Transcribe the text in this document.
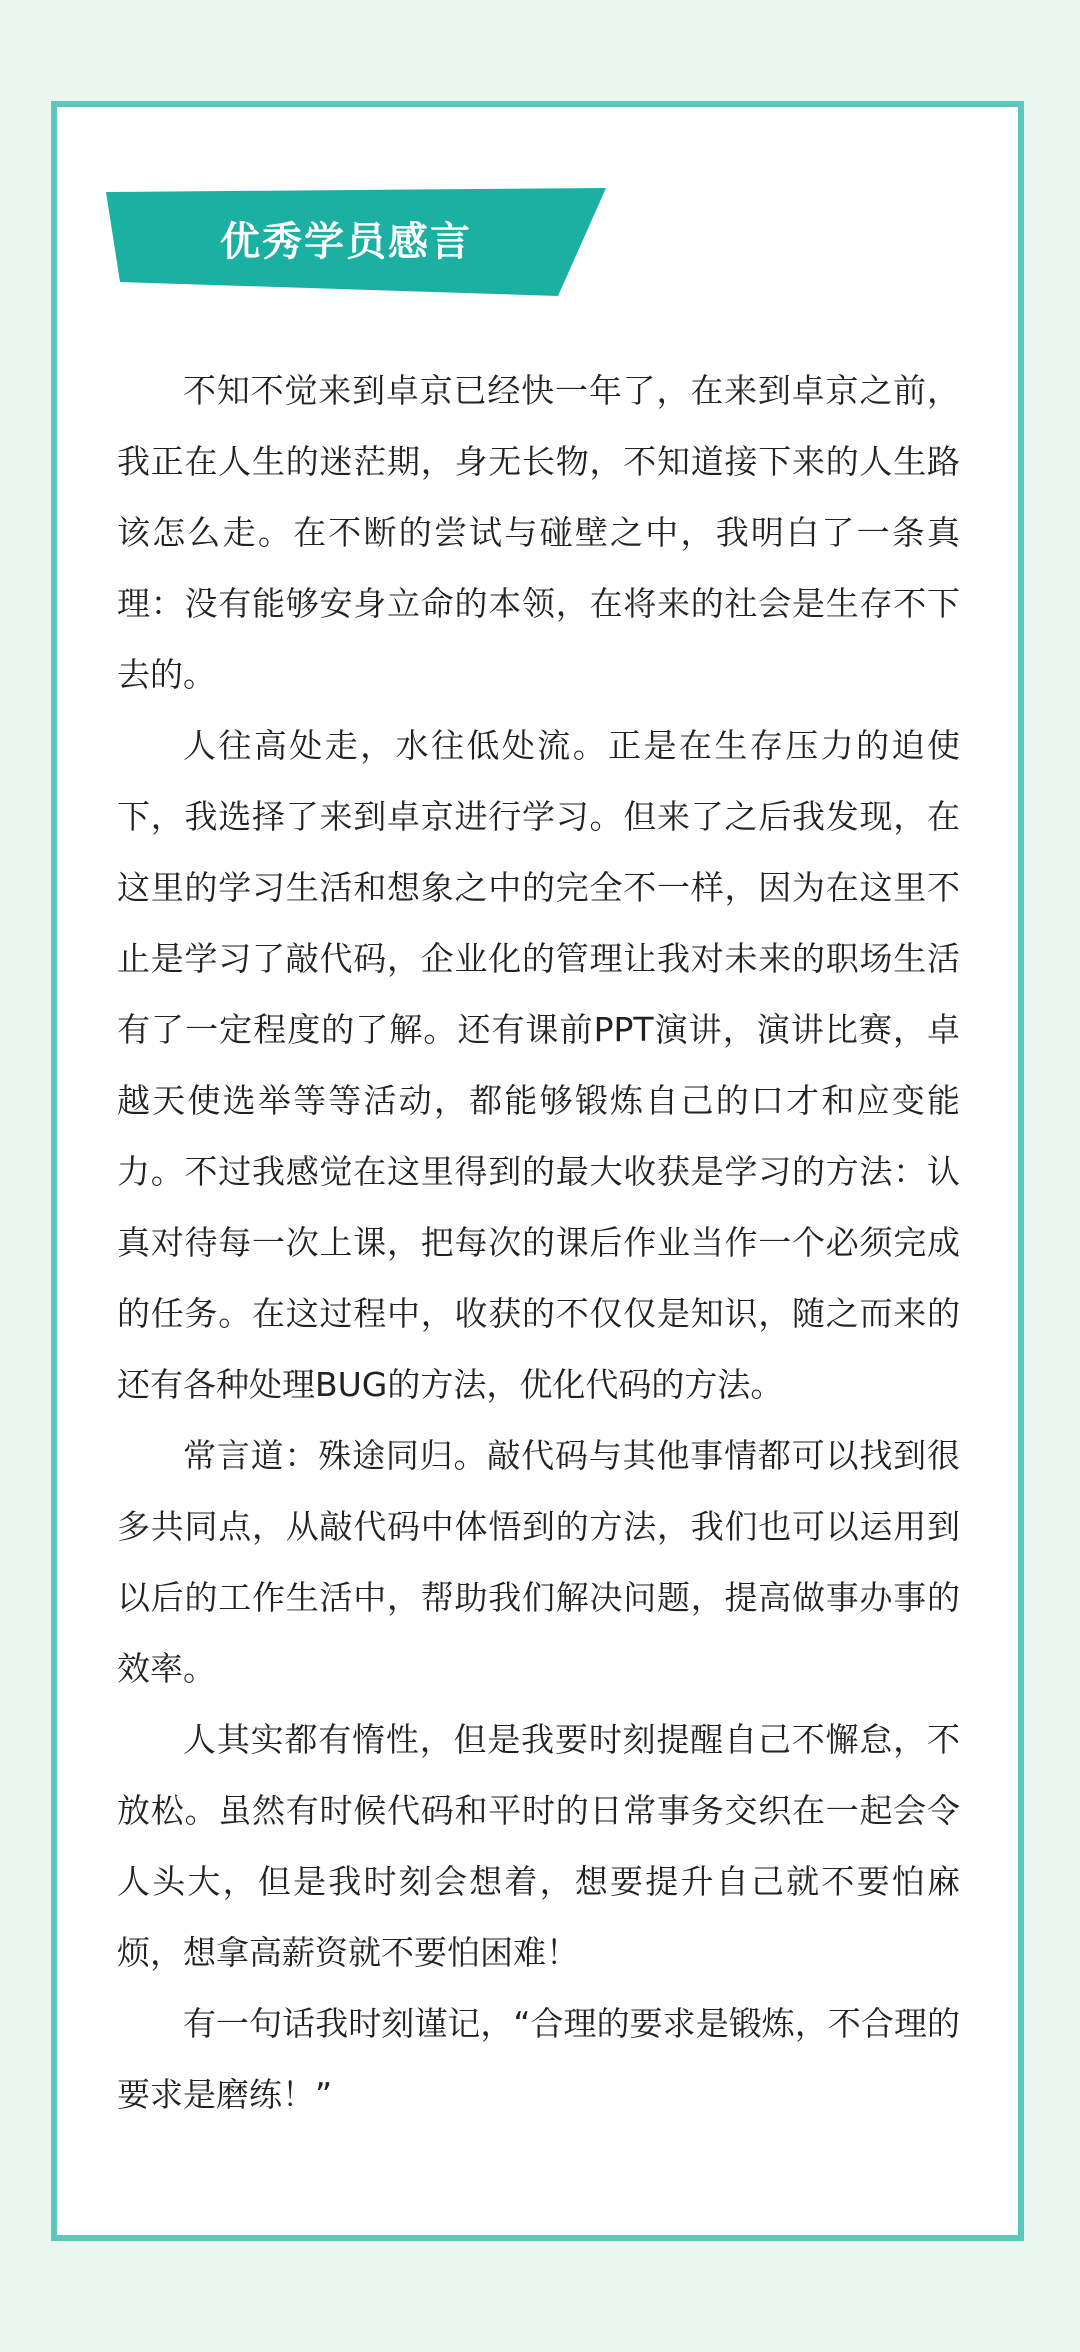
优秀学员感言

不知不觉来到卓京已经快一年了，在来到卓京之前，我正在人生的迷茫期，身无长物，不知道接下来的人生路该怎么走。在不断的尝试与碰壁之中，我明白了一条真理：没有能够安身立命的本领，在将来的社会是生存不下去的。

人往高处走，水往低处流。正是在生存压力的迫使下，我选择了来到卓京进行学习。但来了之后我发现，在这里的学习生活和想象之中的完全不一样，因为在这里不止是学习了敲代码，企业化的管理让我对未来的职场生活有了一定程度的了解。还有课前PPT演讲，演讲比赛，卓越天使选举等等活动，都能够锻炼自己的口才和应变能力。不过我感觉在这里得到的最大收获是学习的方法：认真对待每一次上课，把每次的课后作业当作一个必须完成的任务。在这过程中，收获的不仅仅是知识，随之而来的还有各种处理BUG的方法，优化代码的方法。

常言道：殊途同归。敲代码与其他事情都可以找到很多共同点，从敲代码中体悟到的方法，我们也可以运用到以后的工作生活中，帮助我们解决问题，提高做事办事的效率。

人其实都有惰性，但是我要时刻提醒自己不懈怠，不放松。虽然有时候代码和平时的日常事务交织在一起会令人头大，但是我时刻会想着，想要提升自己就不要怕麻烦，想拿高薪资就不要怕困难！

有一句话我时刻谨记，“合理的要求是锻炼，不合理的要求是磨练！”
